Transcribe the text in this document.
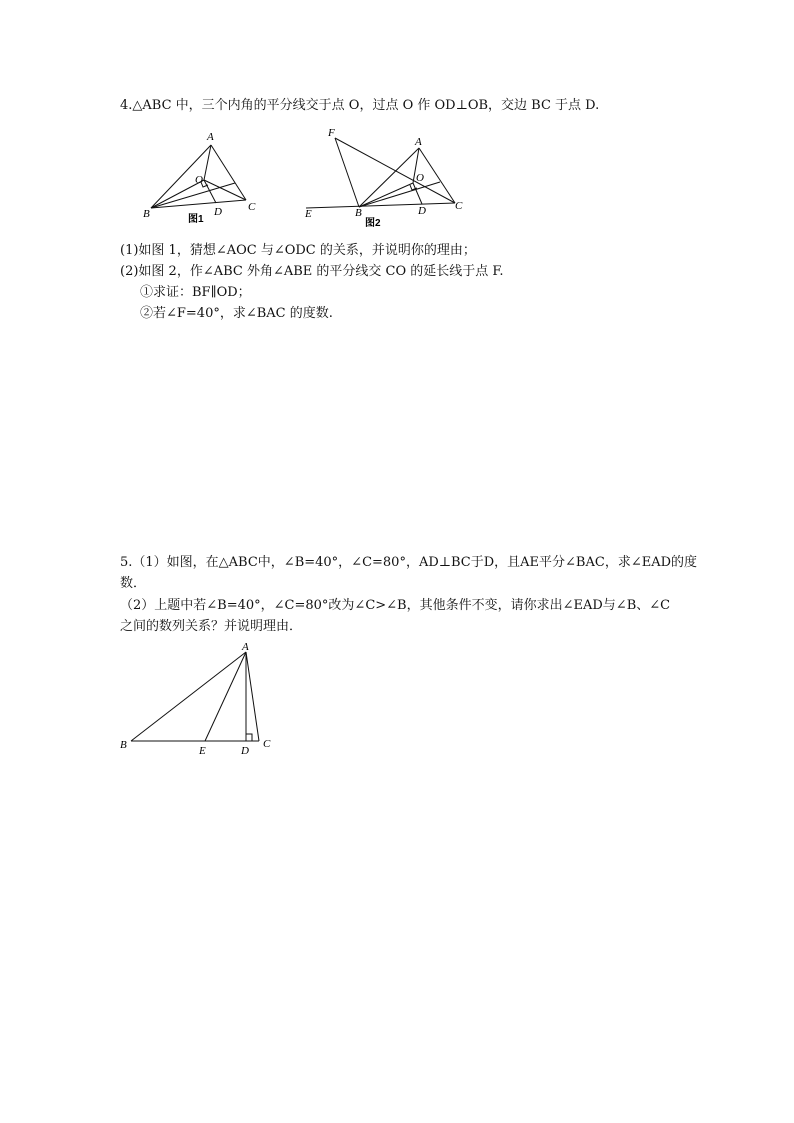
4.△ABC 中，三个内角的平分线交于点 O，过点 O 作 OD⊥OB，交边 BC 于点 D.
A
B
C
D
O
图1
F
A
O
E	B	D	C
图2
(1)如图 1，猜想∠AOC 与∠ODC 的关系，并说明你的理由；
(2)如图 2，作∠ABC 外角∠ABE 的平分线交 CO 的延长线于点 F.
①求证：BF∥OD；
②若∠F=40°，求∠BAC 的度数.
5.（1）如图，在△ABC中，∠B=40°，∠C=80°，AD⊥BC于D，且AE平分∠BAC，求∠EAD的度
数．
（2）上题中若∠B=40°，∠C=80°改为∠C>∠B，其他条件不变，请你求出∠EAD与∠B、∠C
之间的数列关系？并说明理由．
A
B	E	D
C
